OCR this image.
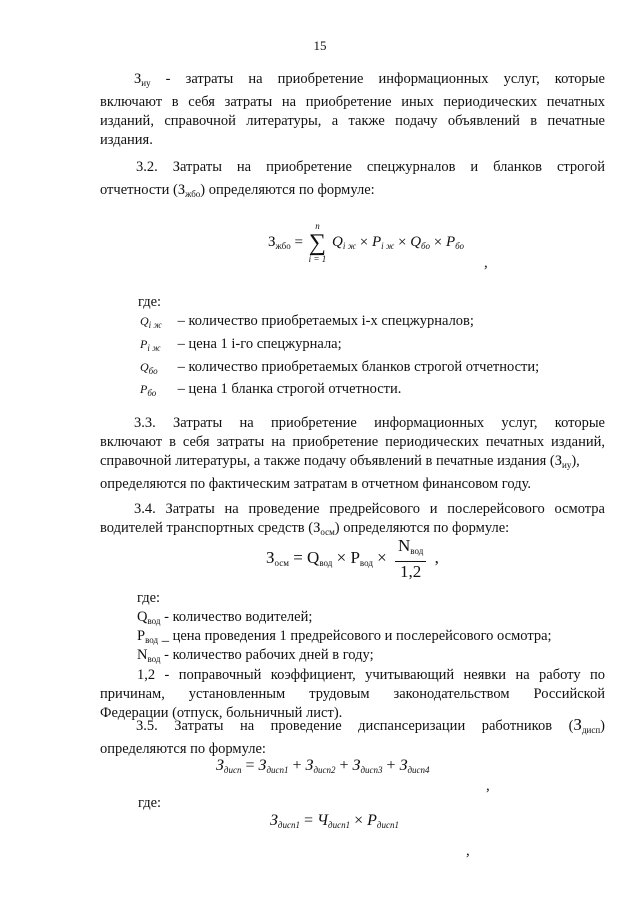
15
$З_{иу}$ - затраты на приобретение информационных услуг, которые
включают в себя затраты на приобретение иных периодических печатных
изданий, справочной литературы, а также подачу объявлений в печатные
издания.
3.2. Затраты на приобретение спецжурналов и бланков строгой
отчетности $(З_{жбо})$ определяются по формуле:
$З_{жбо}$ =
n
∑
i = 1
$Q_{i ж} \times P_{i ж} \times Q_{бо} \times P_{бо}$
,
где:
$Q_{i ж}$ – количество приобретаемых i-х спецжурналов;
$P_{i ж}$ – цена 1 i-го спецжурнала;
$Q_{бо}$ – количество приобретаемых бланков строгой отчетности;
$P_{бо}$ – цена 1 бланка строгой отчетности.
3.3. Затраты на приобретение информационных услуг, которые
включают в себя затраты на приобретение периодических печатных изданий,
справочной литературы, а также подачу объявлений в печатные издания $(З_{иу})$,
определяются по фактическим затратам в отчетном финансовом году.
3.4. Затраты на проведение предрейсового и послерейсового осмотра
водителей транспортных средств $(З_{осм})$ определяются по формуле:
$З_{осм} = Q_{вод} \times P_{вод} \times \frac{N_{вод}}{1,2}$ ,
где:
$Q_{вод}$ - количество водителей;
$P_{вод}$ _ цена проведения 1 предрейсового и послерейсового осмотра;
$N_{вод}$ - количество рабочих дней в году;
1,2 - поправочный коэффициент, учитывающий неявки на работу по
причинам, установленным трудовым законодательством Российской
Федерации (отпуск, больничный лист).
3.5. Затраты на проведение диспансеризации работников $(З_{дисп})$
определяются по формуле:
$З_{дисп} = З_{дисп1} + З_{дисп2} + З_{дисп3} + З_{дисп4}$
,
где:
$З_{дисп1} = Ч_{дисп1} \times P_{дисп1}$
,
